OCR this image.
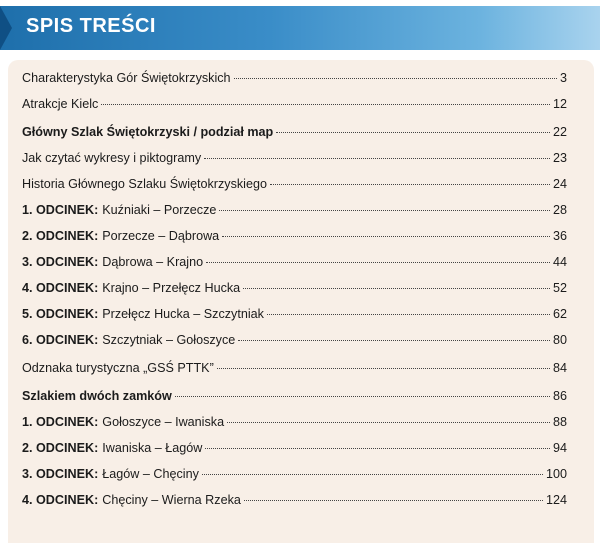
SPIS TREŚCI
Charakterystyka Gór Świętokrzyskich	3
Atrakcje Kielc	12
Główny Szlak Świętokrzyski / podział map	22
Jak czytać wykresy i piktogramy	23
Historia Głównego Szlaku Świętokrzyskiego	24
1. ODCINEK: Kuźniaki – Porzecze	28
2. ODCINEK: Porzecze – Dąbrowa	36
3. ODCINEK: Dąbrowa – Krajno	44
4. ODCINEK: Krajno – Przełęcz Hucka	52
5. ODCINEK: Przełęcz Hucka – Szczytniak	62
6. ODCINEK: Szczytniak – Gołoszyce	80
Odznaka turystyczna „GSŚ PTTK”	84
Szlakiem dwóch zamków	86
1. ODCINEK: Gołoszyce – Iwaniska	88
2. ODCINEK: Iwaniska – Łagów	94
3. ODCINEK: Łagów – Chęciny	100
4. ODCINEK: Chęciny – Wierna Rzeka	124
